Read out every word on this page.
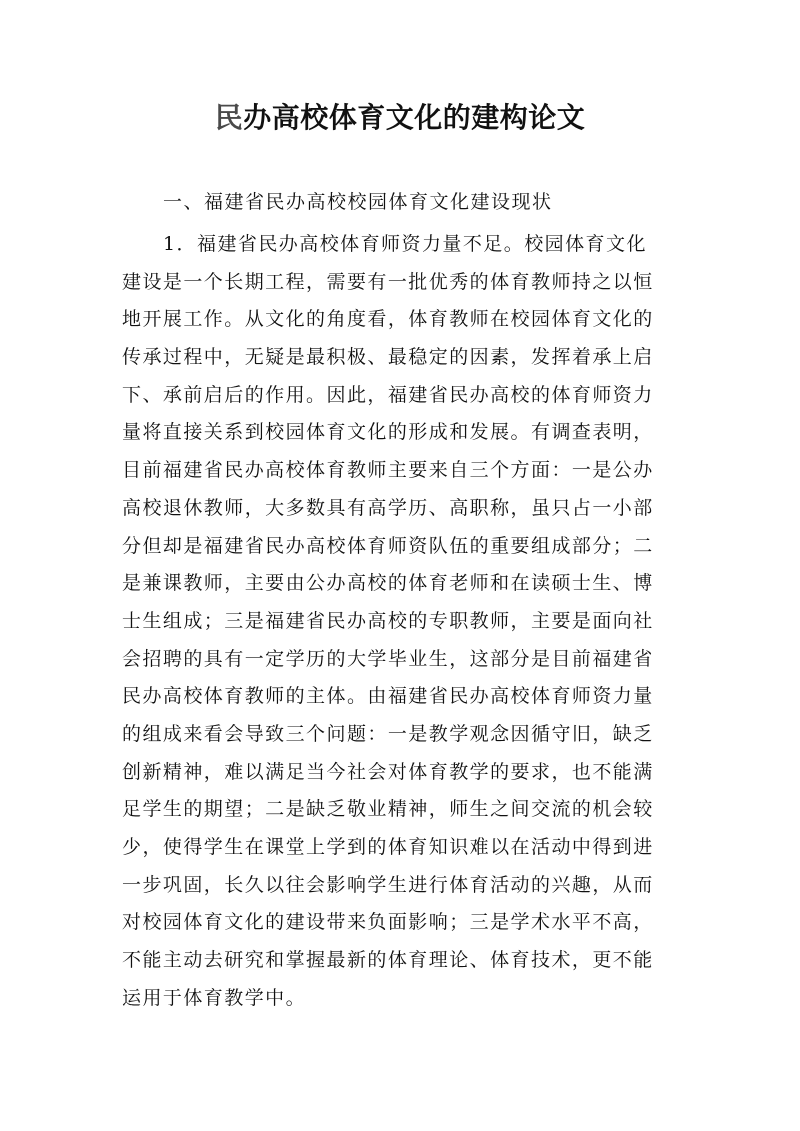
民办高校体育文化的建构论文
一、福建省民办高校校园体育文化建设现状
1．福建省民办高校体育师资力量不足。校园体育文化
建设是一个长期工程，需要有一批优秀的体育教师持之以恒
地开展工作。从文化的角度看，体育教师在校园体育文化的
传承过程中，无疑是最积极、最稳定的因素，发挥着承上启
下、承前启后的作用。因此，福建省民办高校的体育师资力
量将直接关系到校园体育文化的形成和发展。有调查表明，
目前福建省民办高校体育教师主要来自三个方面：一是公办
高校退休教师，大多数具有高学历、高职称，虽只占一小部
分但却是福建省民办高校体育师资队伍的重要组成部分；二
是兼课教师，主要由公办高校的体育老师和在读硕士生、博
士生组成；三是福建省民办高校的专职教师，主要是面向社
会招聘的具有一定学历的大学毕业生，这部分是目前福建省
民办高校体育教师的主体。由福建省民办高校体育师资力量
的组成来看会导致三个问题：一是教学观念因循守旧，缺乏
创新精神，难以满足当今社会对体育教学的要求，也不能满
足学生的期望；二是缺乏敬业精神，师生之间交流的机会较
少，使得学生在课堂上学到的体育知识难以在活动中得到进
一步巩固，长久以往会影响学生进行体育活动的兴趣，从而
对校园体育文化的建设带来负面影响；三是学术水平不高，
不能主动去研究和掌握最新的体育理论、体育技术，更不能
运用于体育教学中。
